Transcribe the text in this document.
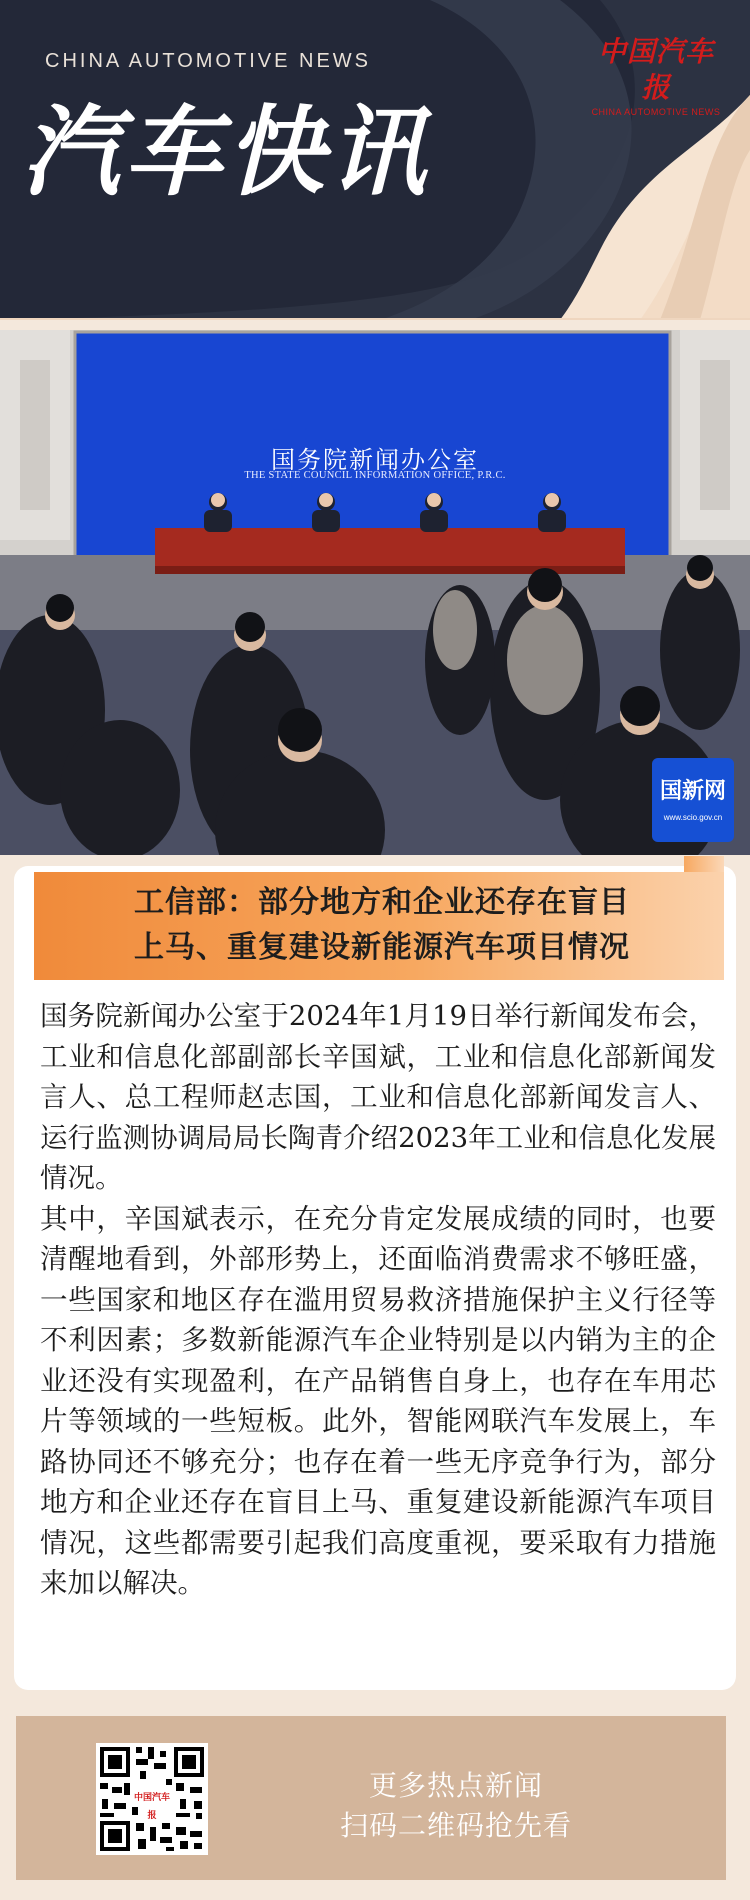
CHINA AUTOMOTIVE NEWS
汽车快讯
中国汽车报
CHINA AUTOMOTIVE NEWS
国新网
www.scio.gov.cn
国务院新闻办公室
THE STATE COUNCIL INFORMATION OFFICE, P.R.C.
工信部：部分地方和企业还存在盲目
上马、重复建设新能源汽车项目情况

国务院新闻办公室于2024年1月19日举行新闻发布会，工业和信息化部副部长辛国斌，工业和信息化部新闻发言人、总工程师赵志国，工业和信息化部新闻发言人、运行监测协调局局长陶青介绍2023年工业和信息化发展情况。

其中，辛国斌表示，在充分肯定发展成绩的同时，也要清醒地看到，外部形势上，还面临消费需求不够旺盛，一些国家和地区存在滥用贸易救济措施保护主义行径等不利因素；多数新能源汽车企业特别是以内销为主的企业还没有实现盈利，在产品销售自身上，也存在车用芯片等领域的一些短板。此外，智能网联汽车发展上，车路协同还不够充分；也存在着一些无序竞争行为，部分地方和企业还存在盲目上马、重复建设新能源汽车项目情况，这些都需要引起我们高度重视，要采取有力措施来加以解决。

中国汽车报
更多热点新闻
扫码二维码抢先看
